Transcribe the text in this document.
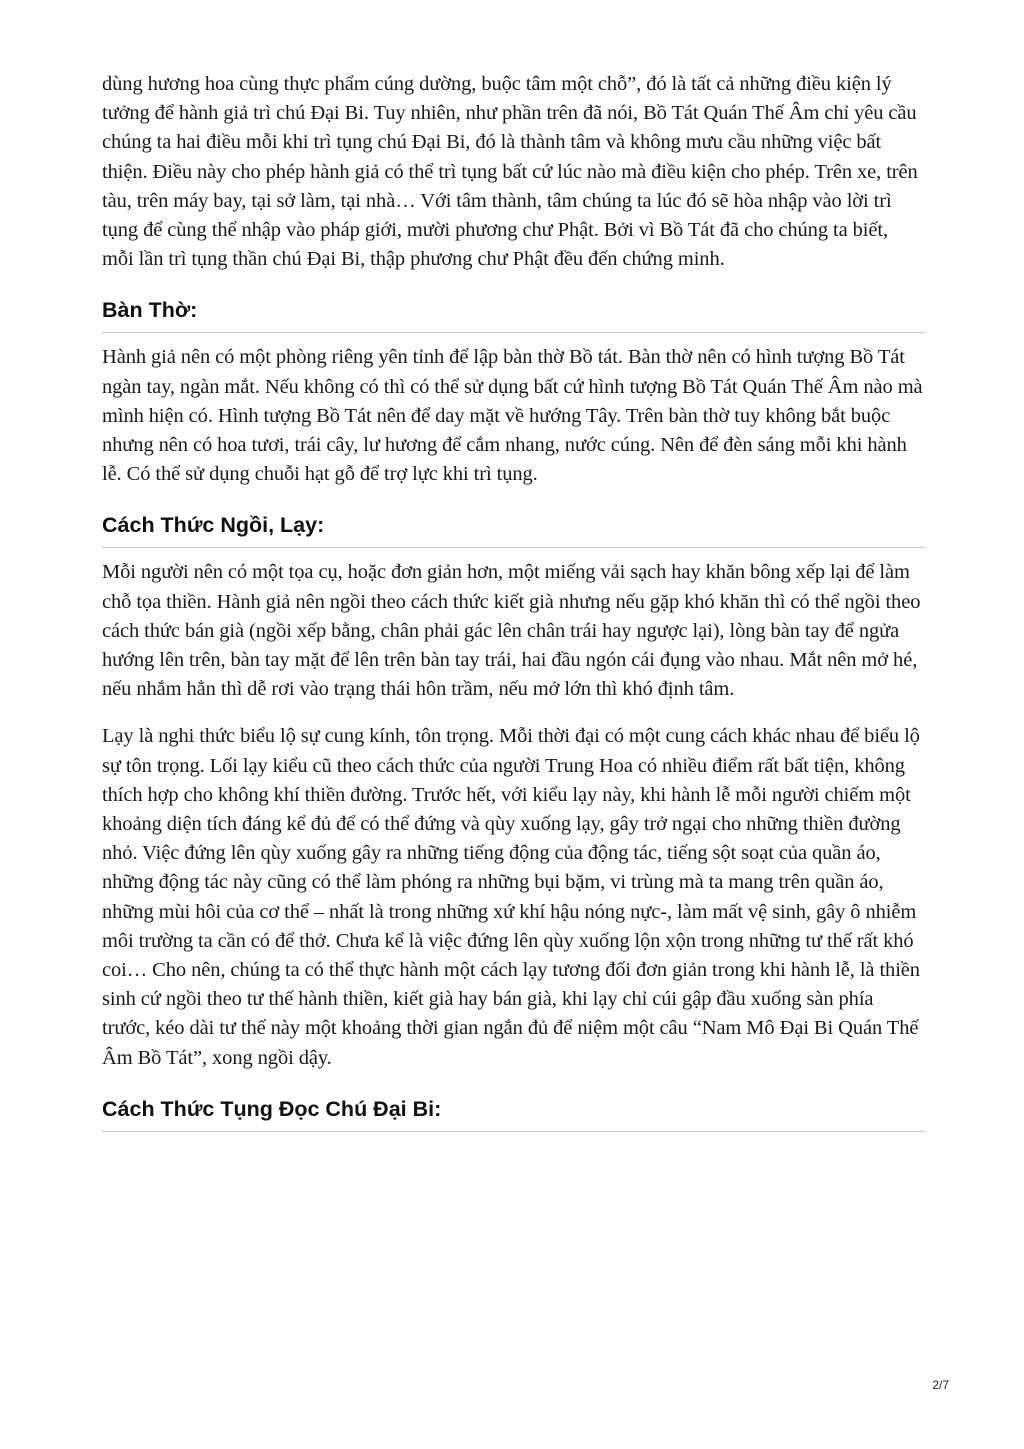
dùng hương hoa cùng thực phẩm cúng dường, buộc tâm một chỗ”, đó là tất cả những điều kiện lý tưởng để hành giả trì chú Đại Bi. Tuy nhiên, như phần trên đã nói, Bồ Tát Quán Thế Âm chỉ yêu cầu chúng ta hai điều mỗi khi trì tụng chú Đại Bi, đó là thành tâm và không mưu cầu những việc bất thiện. Điều này cho phép hành giả có thể trì tụng bất cứ lúc nào mà điều kiện cho phép. Trên xe, trên tàu, trên máy bay, tại sở làm, tại nhà… Với tâm thành, tâm chúng ta lúc đó sẽ hòa nhập vào lời trì tụng để cùng thể nhập vào pháp giới, mười phương chư Phật. Bởi vì Bồ Tát đã cho chúng ta biết, mỗi lần trì tụng thần chú Đại Bi, thập phương chư Phật đều đến chứng minh.

Bàn Thờ:

Hành giả nên có một phòng riêng yên tỉnh để lập bàn thờ Bồ tát. Bàn thờ nên có hình tượng Bồ Tát ngàn tay, ngàn mắt. Nếu không có thì có thể sử dụng bất cứ hình tượng Bồ Tát Quán Thế Âm nào mà mình hiện có. Hình tượng Bồ Tát nên để day mặt về hướng Tây. Trên bàn thờ tuy không bắt buộc nhưng nên có hoa tươi, trái cây, lư hương để cắm nhang, nước cúng. Nên để đèn sáng mỗi khi hành lễ. Có thể sử dụng chuỗi hạt gỗ để trợ lực khi trì tụng.

Cách Thức Ngồi, Lạy:

Mỗi người nên có một tọa cụ, hoặc đơn giản hơn, một miếng vải sạch hay khăn bông xếp lại để làm chỗ tọa thiền. Hành giả nên ngồi theo cách thức kiết già nhưng nếu gặp khó khăn thì có thể ngồi theo cách thức bán già (ngồi xếp bằng, chân phải gác lên chân trái hay ngược lại), lòng bàn tay để ngửa hướng lên trên, bàn tay mặt để lên trên bàn tay trái, hai đầu ngón cái đụng vào nhau. Mắt nên mở hé, nếu nhắm hẳn thì dễ rơi vào trạng thái hôn trầm, nếu mở lớn thì khó định tâm.

Lạy là nghi thức biểu lộ sự cung kính, tôn trọng. Mỗi thời đại có một cung cách khác nhau để biểu lộ sự tôn trọng. Lối lạy kiểu cũ theo cách thức của người Trung Hoa có nhiều điểm rất bất tiện, không thích hợp cho không khí thiền đường. Trước hết, với kiểu lạy này, khi hành lễ mỗi người chiếm một khoảng diện tích đáng kể đủ để có thể đứng và qùy xuống lạy, gây trở ngại cho những thiền đường nhỏ. Việc đứng lên qùy xuống gây ra những tiếng động của động tác, tiếng sột soạt của quần áo, những động tác này cũng có thể làm phóng ra những bụi bặm, vi trùng mà ta mang trên quần áo, những mùi hôi của cơ thể – nhất là trong những xứ khí hậu nóng nực-, làm mất vệ sinh, gây ô nhiễm môi trường ta cần có để thở. Chưa kể là việc đứng lên qùy xuống lộn xộn trong những tư thế rất khó coi… Cho nên, chúng ta có thể thực hành một cách lạy tương đối đơn giản trong khi hành lễ, là thiền sinh cứ ngồi theo tư thế hành thiền, kiết già hay bán già, khi lạy chỉ cúi gập đầu xuống sàn phía trước, kéo dài tư thế này một khoảng thời gian ngắn đủ để niệm một câu “Nam Mô Đại Bi Quán Thế Âm Bồ Tát”, xong ngồi dậy.

Cách Thức Tụng Đọc Chú Đại Bi:
2/7
